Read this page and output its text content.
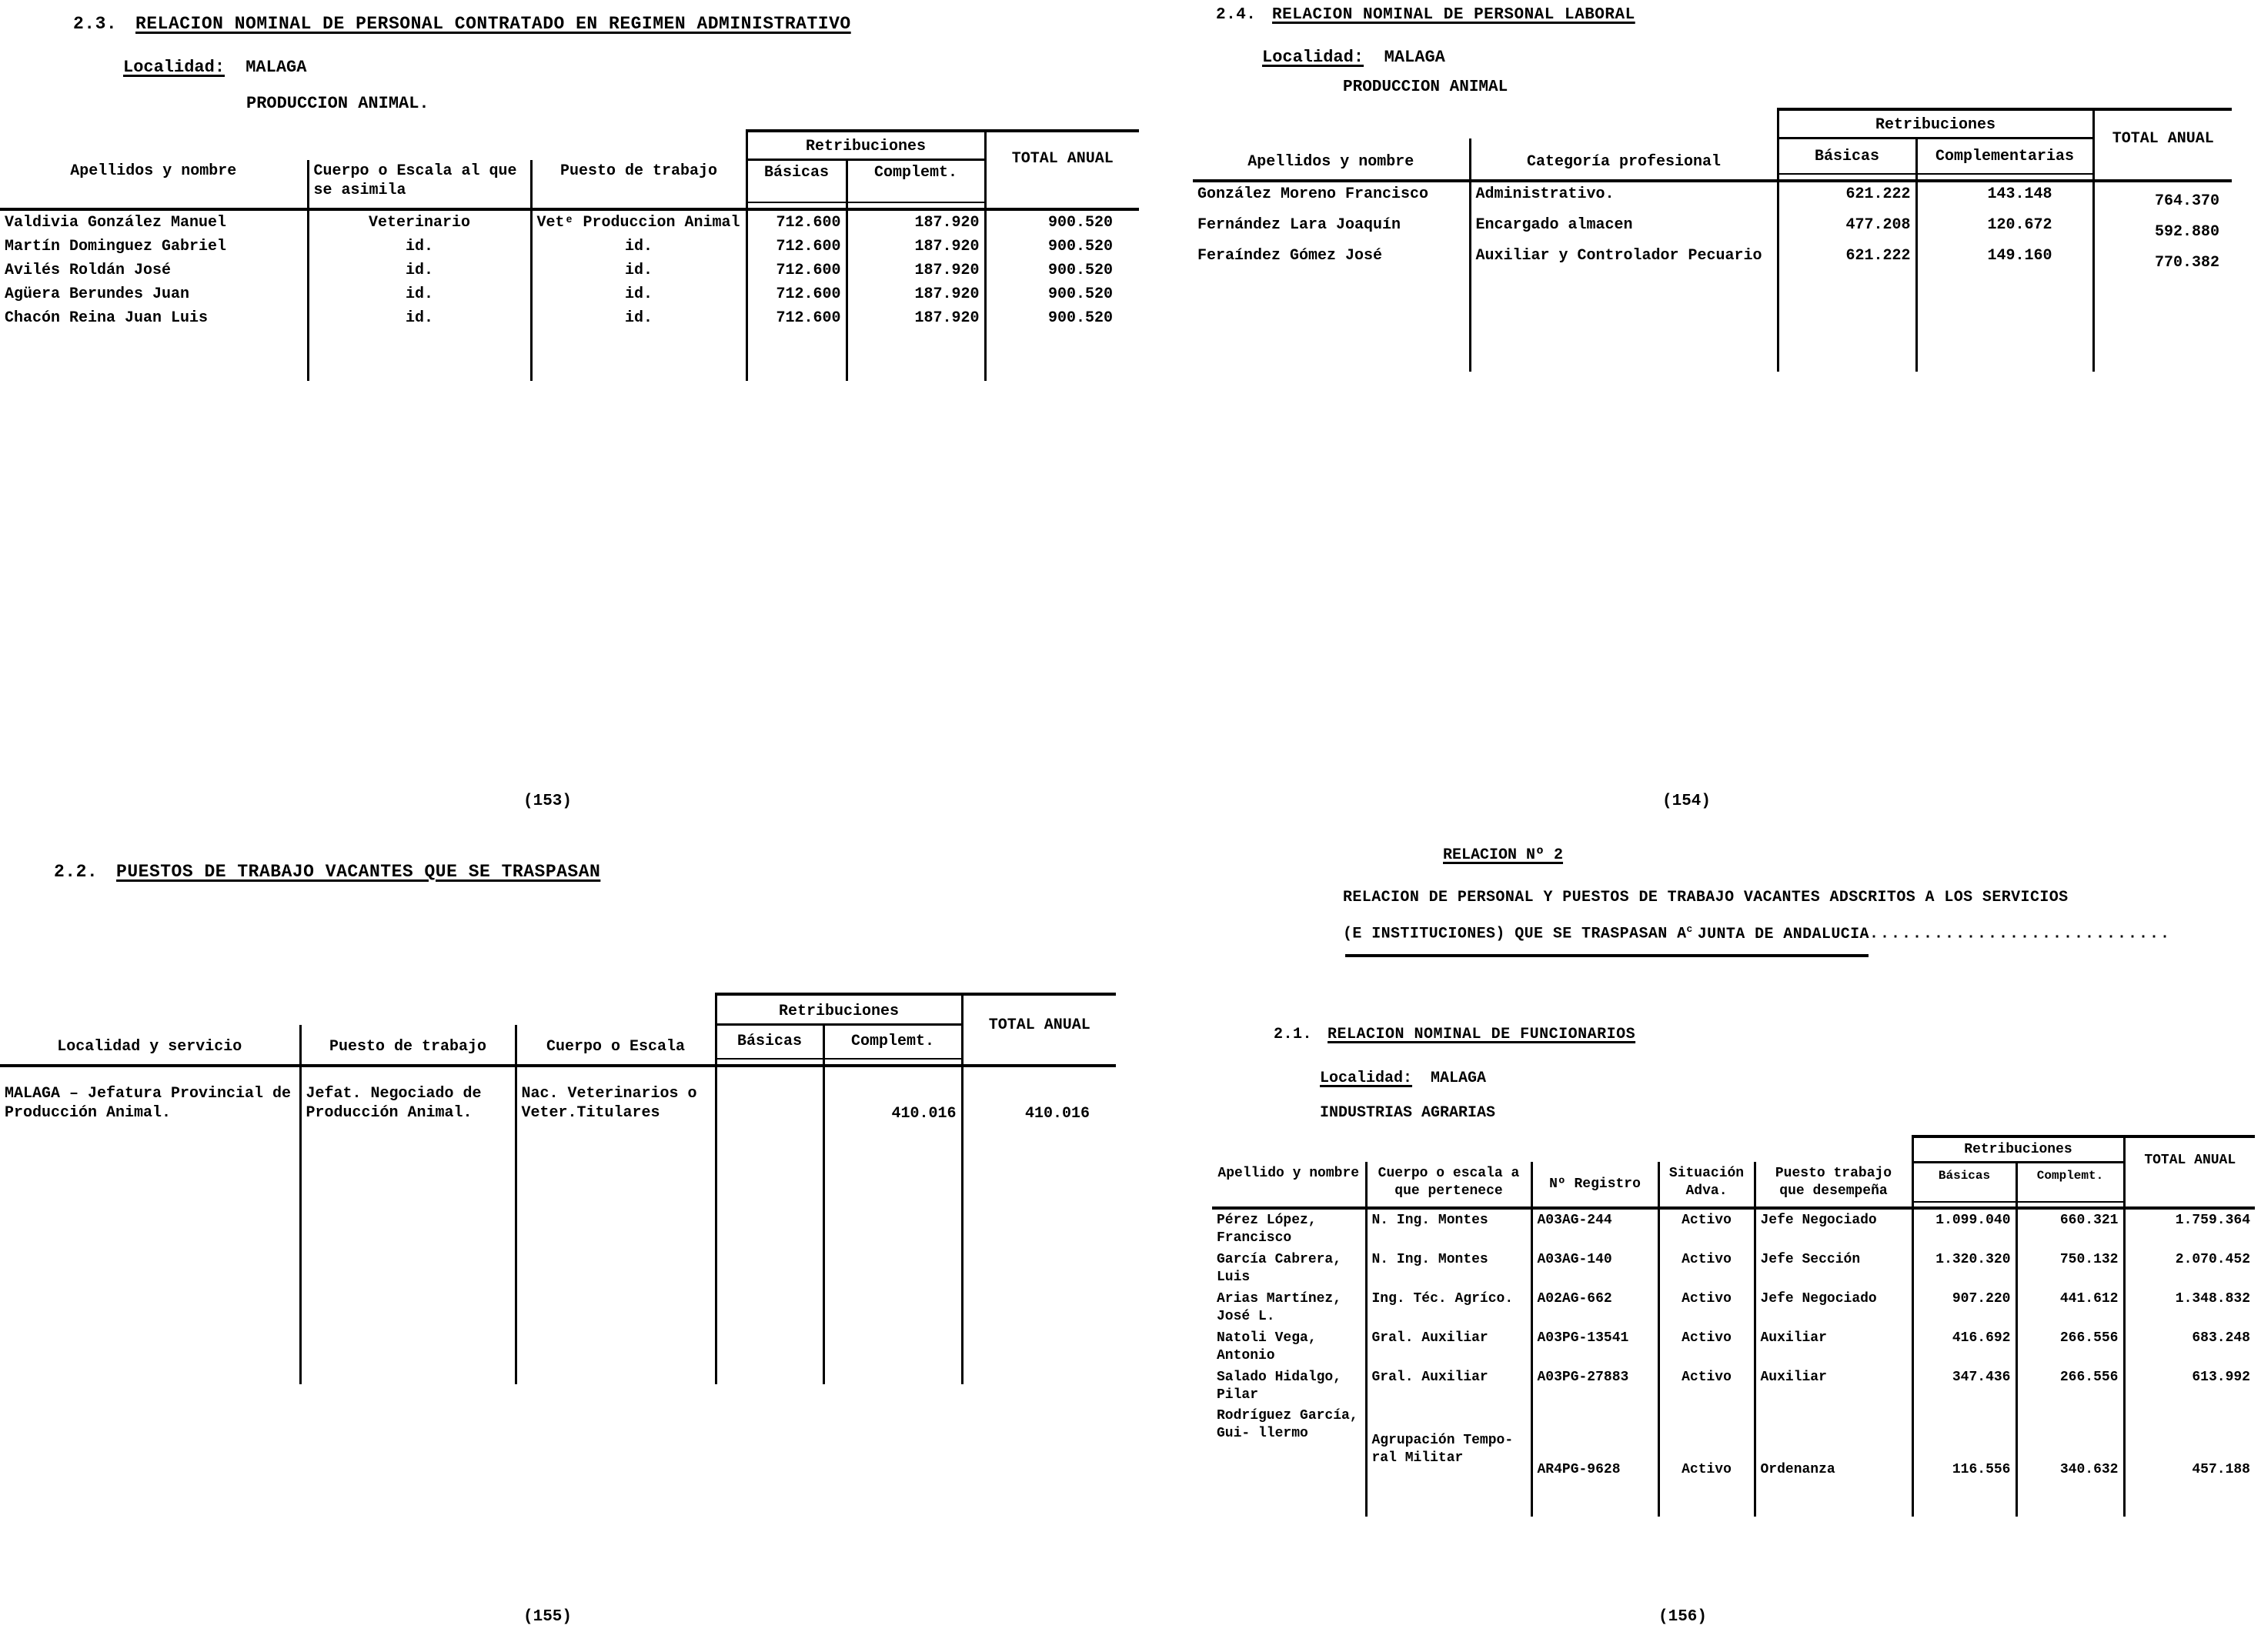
2.3. RELACION NOMINAL DE PERSONAL CONTRATADO EN REGIMEN ADMINISTRATIVO
Localidad: MALAGA
PRODUCCION ANIMAL.
			Retribuciones		TOTAL ANUAL
Apellidos y nombre	Cuerpo o Escala al que se asimila	Puesto de trabajo	Básicas	Complemt.	

Valdivia González Manuel	Veterinario	Vetᵉ Produccion Animal	712.600	187.920	900.520
Martín Dominguez Gabriel	id.	id.	712.600	187.920	900.520
Avilés Roldán José	id.	id.	712.600	187.920	900.520
Agüera Berundes Juan	id.	id.	712.600	187.920	900.520
Chacón Reina Juan Luis	id.	id.	712.600	187.920	900.520

(153)
2.4. RELACION NOMINAL DE PERSONAL LABORAL
Localidad: MALAGA
PRODUCCION ANIMAL
		Retribuciones		TOTAL ANUAL
Apellidos y nombre	Categoría profesional	Básicas	Complementarias	

González Moreno Francisco	Administrativo.	621.222	143.148	764.370
Fernández Lara Joaquín	Encargado almacen	477.208	120.672	592.880
Feraíndez Gómez José	Auxiliar y Controlador Pecuario	621.222	149.160	770.382

(154)
2.2. PUESTOS DE TRABAJO VACANTES QUE SE TRASPASAN
			Retribuciones		TOTAL ANUAL
Localidad y servicio	Puesto de trabajo	Cuerpo o Escala	Básicas	Complemt.	

MALAGA – Jefatura Provincial de Producción Animal.	Jefat. Negociado de Producción Animal.	Nac. Veterinarios o Veter.Titulares		410.016	410.016

(155)
RELACION Nº 2
RELACION DE PERSONAL Y PUESTOS DE TRABAJO VACANTES ADSCRITOS A LOS SERVICIOS
(E INSTITUCIONES) QUE SE TRASPASAN $A^c$ JUNTA DE ANDALUCIA............................
2.1. RELACION NOMINAL DE FUNCIONARIOS
Localidad: MALAGA
INDUSTRIAS AGRARIAS
					Retribuciones		TOTAL ANUAL
Apellido y nombre	Cuerpo o escala a que pertenece	Nº Registro	Situación Adva.	Puesto trabajo que desempeña	Básicas	Complemt.	

Pérez López, Francisco	N. Ing. Montes	A03AG-244	Activo	Jefe Negociado	1.099.040	660.321	1.759.364
García Cabrera, Luis	N. Ing. Montes	A03AG-140	Activo	Jefe Sección	1.320.320	750.132	2.070.452
Arias Martínez, José L.	Ing. Téc. Agríco.	A02AG-662	Activo	Jefe Negociado	907.220	441.612	1.348.832
Natoli Vega, Antonio	Gral. Auxiliar	A03PG-13541	Activo	Auxiliar	416.692	266.556	683.248
Salado Hidalgo, Pilar	Gral. Auxiliar	A03PG-27883	Activo	Auxiliar	347.436	266.556	613.992
Rodríguez García, Gui- llermo	Agrupación Tempo- ral Militar	AR4PG-9628	Activo	Ordenanza	116.556	340.632	457.188

(156)
